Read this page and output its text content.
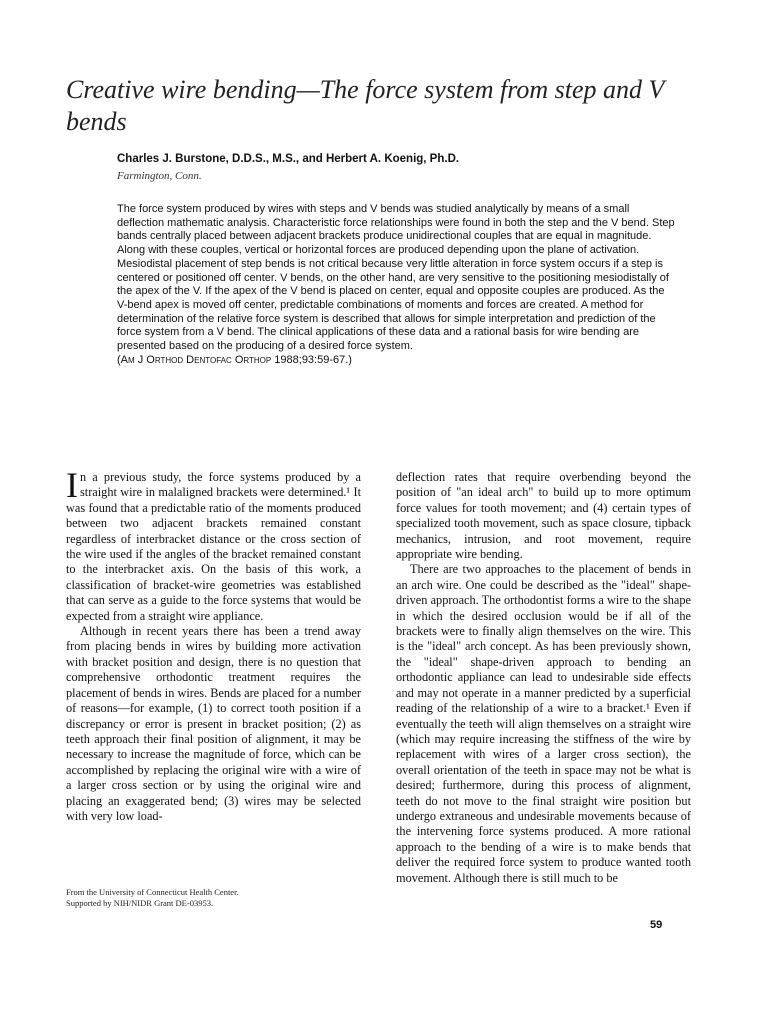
Creative wire bending—The force system from step and V bends
Charles J. Burstone, D.D.S., M.S., and Herbert A. Koenig, Ph.D.
Farmington, Conn.
The force system produced by wires with steps and V bends was studied analytically by means of a small deflection mathematic analysis. Characteristic force relationships were found in both the step and the V bend. Step bands centrally placed between adjacent brackets produce unidirectional couples that are equal in magnitude. Along with these couples, vertical or horizontal forces are produced depending upon the plane of activation. Mesiodistal placement of step bends is not critical because very little alteration in force system occurs if a step is centered or positioned off center. V bends, on the other hand, are very sensitive to the positioning mesiodistally of the apex of the V. If the apex of the V bend is placed on center, equal and opposite couples are produced. As the V-bend apex is moved off center, predictable combinations of moments and forces are created. A method for determination of the relative force system is described that allows for simple interpretation and prediction of the force system from a V bend. The clinical applications of these data and a rational basis for wire bending are presented based on the producing of a desired force system.
(Am J Orthod Dentofac Orthop 1988;93:59-67.)

In a previous study, the force systems produced by a straight wire in malaligned brackets were determined.¹ It was found that a predictable ratio of the moments produced between two adjacent brackets remained constant regardless of interbracket distance or the cross section of the wire used if the angles of the bracket remained constant to the interbracket axis. On the basis of this work, a classification of bracket-wire geometries was established that can serve as a guide to the force systems that would be expected from a straight wire appliance.

Although in recent years there has been a trend away from placing bends in wires by building more activation with bracket position and design, there is no question that comprehensive orthodontic treatment requires the placement of bends in wires. Bends are placed for a number of reasons—for example, (1) to correct tooth position if a discrepancy or error is present in bracket position; (2) as teeth approach their final position of alignment, it may be necessary to increase the magnitude of force, which can be accomplished by replacing the original wire with a wire of a larger cross section or by using the original wire and placing an exaggerated bend; (3) wires may be selected with very low load-

deflection rates that require overbending beyond the position of "an ideal arch" to build up to more optimum force values for tooth movement; and (4) certain types of specialized tooth movement, such as space closure, tipback mechanics, intrusion, and root movement, require appropriate wire bending.

There are two approaches to the placement of bends in an arch wire. One could be described as the "ideal" shape-driven approach. The orthodontist forms a wire to the shape in which the desired occlusion would be if all of the brackets were to finally align themselves on the wire. This is the "ideal" arch concept. As has been previously shown, the "ideal" shape-driven approach to bending an orthodontic appliance can lead to undesirable side effects and may not operate in a manner predicted by a superficial reading of the relationship of a wire to a bracket.¹ Even if eventually the teeth will align themselves on a straight wire (which may require increasing the stiffness of the wire by replacement with wires of a larger cross section), the overall orientation of the teeth in space may not be what is desired; furthermore, during this process of alignment, teeth do not move to the final straight wire position but undergo extraneous and undesirable movements because of the intervening force systems produced. A more rational approach to the bending of a wire is to make bends that deliver the required force system to produce wanted tooth movement. Although there is still much to be

From the University of Connecticut Health Center.
Supported by NIH/NIDR Grant DE-03953.
59
